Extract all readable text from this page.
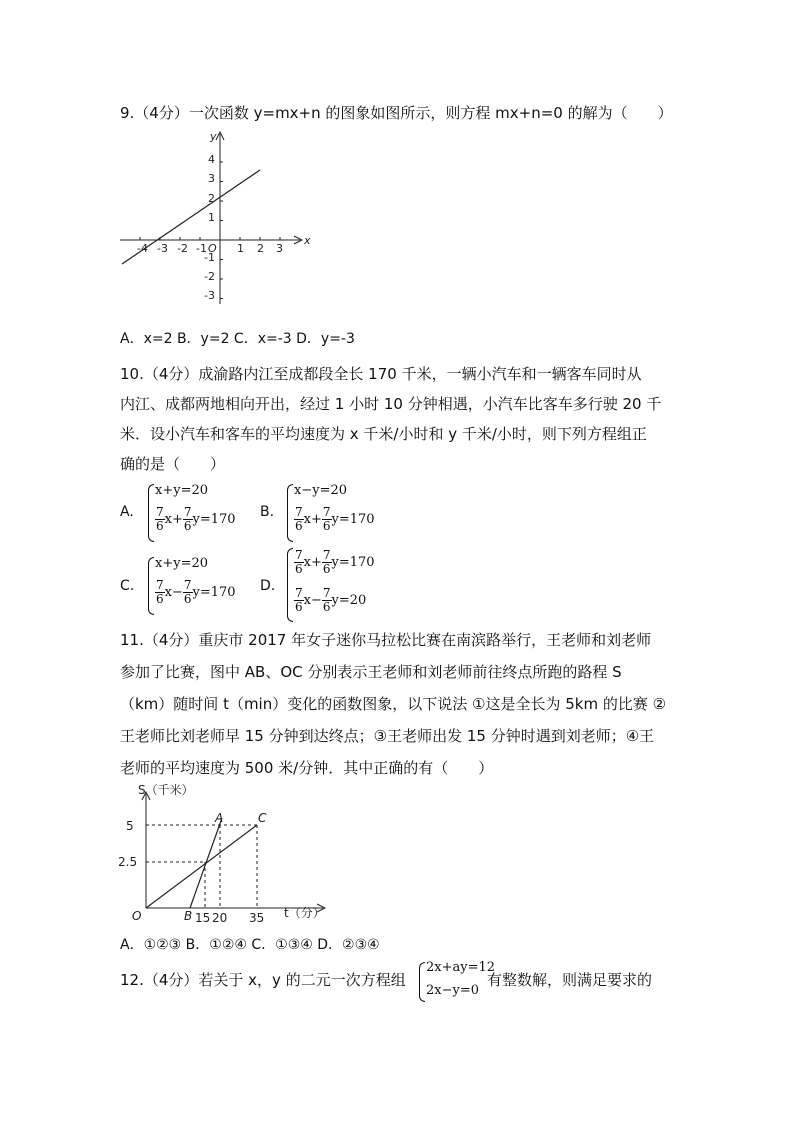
9.（4分）一次函数 y=mx+n 的图象如图所示，则方程 mx+n=0 的解为（　　）
x
y
O
-4 -3 -2 -1	1 2 3
4
3
2
1
-1
-2
-3
A．x=2 B．y=2 C．x=-3 D．y=-3
10.（4分）成渝路内江至成都段全长 170 千米，一辆小汽车和一辆客车同时从
内江、成都两地相向开出，经过 1 小时 10 分钟相遇，小汽车比客车多行驶 20 千
米．设小汽车和客车的平均速度为 x 千米/小时和 y 千米/小时，则下列方程组正
确的是（　　）
A.
x+y=20
$\frac{7}{6} x+ \frac{7}{6} y=170$ B.
x−y=20
$\frac{7}{6} x+ \frac{7}{6} y=170$
C.
x+y=20
$\frac{7}{6} x- \frac{7}{6} y=170$ D.
$\frac{7}{6} x+ \frac{7}{6} y=170$
$\frac{7}{6} x- \frac{7}{6} y=20$
11.（4分）重庆市 2017 年女子迷你马拉松比赛在南滨路举行，王老师和刘老师
参加了比赛，图中 AB、OC 分别表示王老师和刘老师前往终点所跑的路程 S
（km）随时间 t（min）变化的函数图象，以下说法 ①这是全长为 5km 的比赛 ②
王老师比刘老师早 15 分钟到达终点；③王老师出发 15 分钟时遇到刘老师；④王
老师的平均速度为 500 米/分钟．其中正确的有（　　）
S（千米）
t（分）
O
5
2.5
15 20 35
A
B
C
A．①②③ B．①②④ C．①③④ D．②③④
12.（4分）若关于 x，y 的二元一次方程组
2x+ay=12
2x−y=0
有整数解，则满足要求的
